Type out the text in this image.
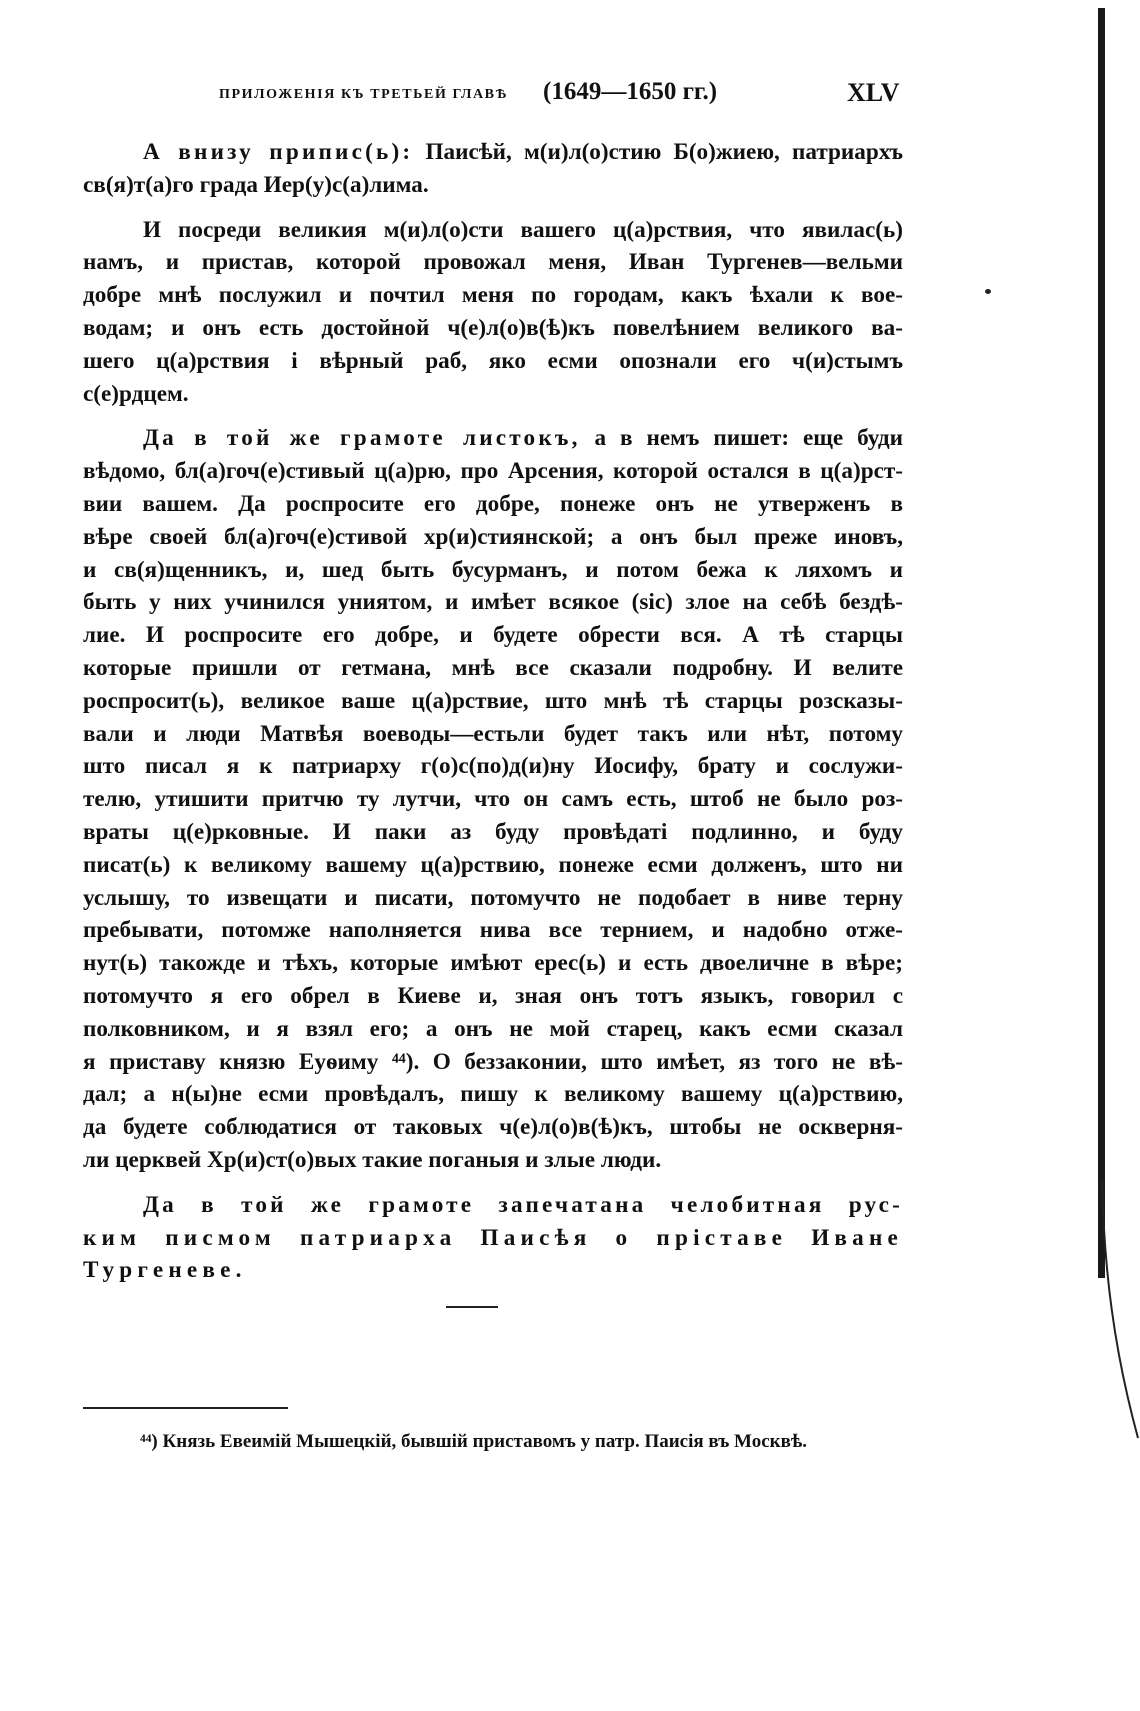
ПРИЛОЖЕНІЯ КЪ ТРЕТЬЕЙ ГЛАВѢ (1649—1650 гг.)	XLV
А внизу припис(ь): Паисѣй, м(и)л(о)стию Б(о)жиею, патриархъ
св(я)т(а)го града Иер(у)с(а)лима.
И посреди великия м(и)л(о)сти вашего ц(а)рствия, что явилас(ь)
намъ, и пристав, которой провожал меня, Иван Тургенев—вельми
добре мнѣ послужил и почтил меня по городам, какъ ѣхали к вое-
водам; и онъ есть достойной ч(е)л(о)в(ѣ)къ повелѣнием великого ва-
шего ц(а)рствия і вѣрный раб, яко есми опознали его ч(и)стымъ
с(е)рдцем.
Да в той же грамоте листокъ, а в немъ пишет: еще буди
вѣдомо, бл(а)гоч(е)стивый ц(а)рю, про Арсения, которой остался в ц(а)рст-
вии вашем. Да роспросите его добре, понеже онъ не утверженъ в
вѣре своей бл(а)гоч(е)стивой хр(и)стиянской; а онъ был преже иновъ,
и св(я)щенникъ, и, шед быть бусурманъ, и потом бежа к ляхомъ и
быть у них учинился униятом, и имѣет всякое (sic) злое на себѣ бездѣ-
лие. И роспросите его добре, и будете обрести вся. А тѣ старцы
которые пришли от гетмана, мнѣ все сказали подробну. И велите
роспросит(ь), великое ваше ц(а)рствие, што мнѣ тѣ старцы розсказы-
вали и люди Матвѣя воеводы—естьли будет такъ или нѣт, потому
што писал я к патриарху г(о)с(по)д(и)ну Иосифу, брату и сослужи-
телю, утишити притчю ту лутчи, что он самъ есть, штоб не было роз-
враты ц(е)рковные. И паки аз буду провѣдаті подлинно, и буду
писат(ь) к великому вашему ц(а)рствию, понеже есми долженъ, што ни
услышу, то извещати и писати, потомучто не подобает в ниве терну
пребывати, потомже наполняется нива все тернием, и надобно отже-
нут(ь) такожде и тѣхъ, которые имѣют ерес(ь) и есть двоеличне в вѣре;
потомучто я его обрел в Киеве и, зная онъ тотъ языкъ, говорил с
полковником, и я взял его; а онъ не мой старец, какъ есми сказал
я приставу князю Еуѳиму ⁴⁴). О беззаконии, што имѣет, яз того не вѣ-
дал; а н(ы)не есми провѣдалъ, пишу к великому вашему ц(а)рствию,
да будете соблюдатися от таковых ч(е)л(о)в(ѣ)къ, штобы не оскверня-
ли церквей Хр(и)ст(о)вых такие поганыя и злые люди.
Да в той же грамоте запечатана челобитная рус-
ким писмом патриарха Паисѣя о пріставе Иване
Тургеневе.
⁴⁴) Князь Евеимій Мышецкій, бывшій приставомъ у патр. Паисія въ Москвѣ.
